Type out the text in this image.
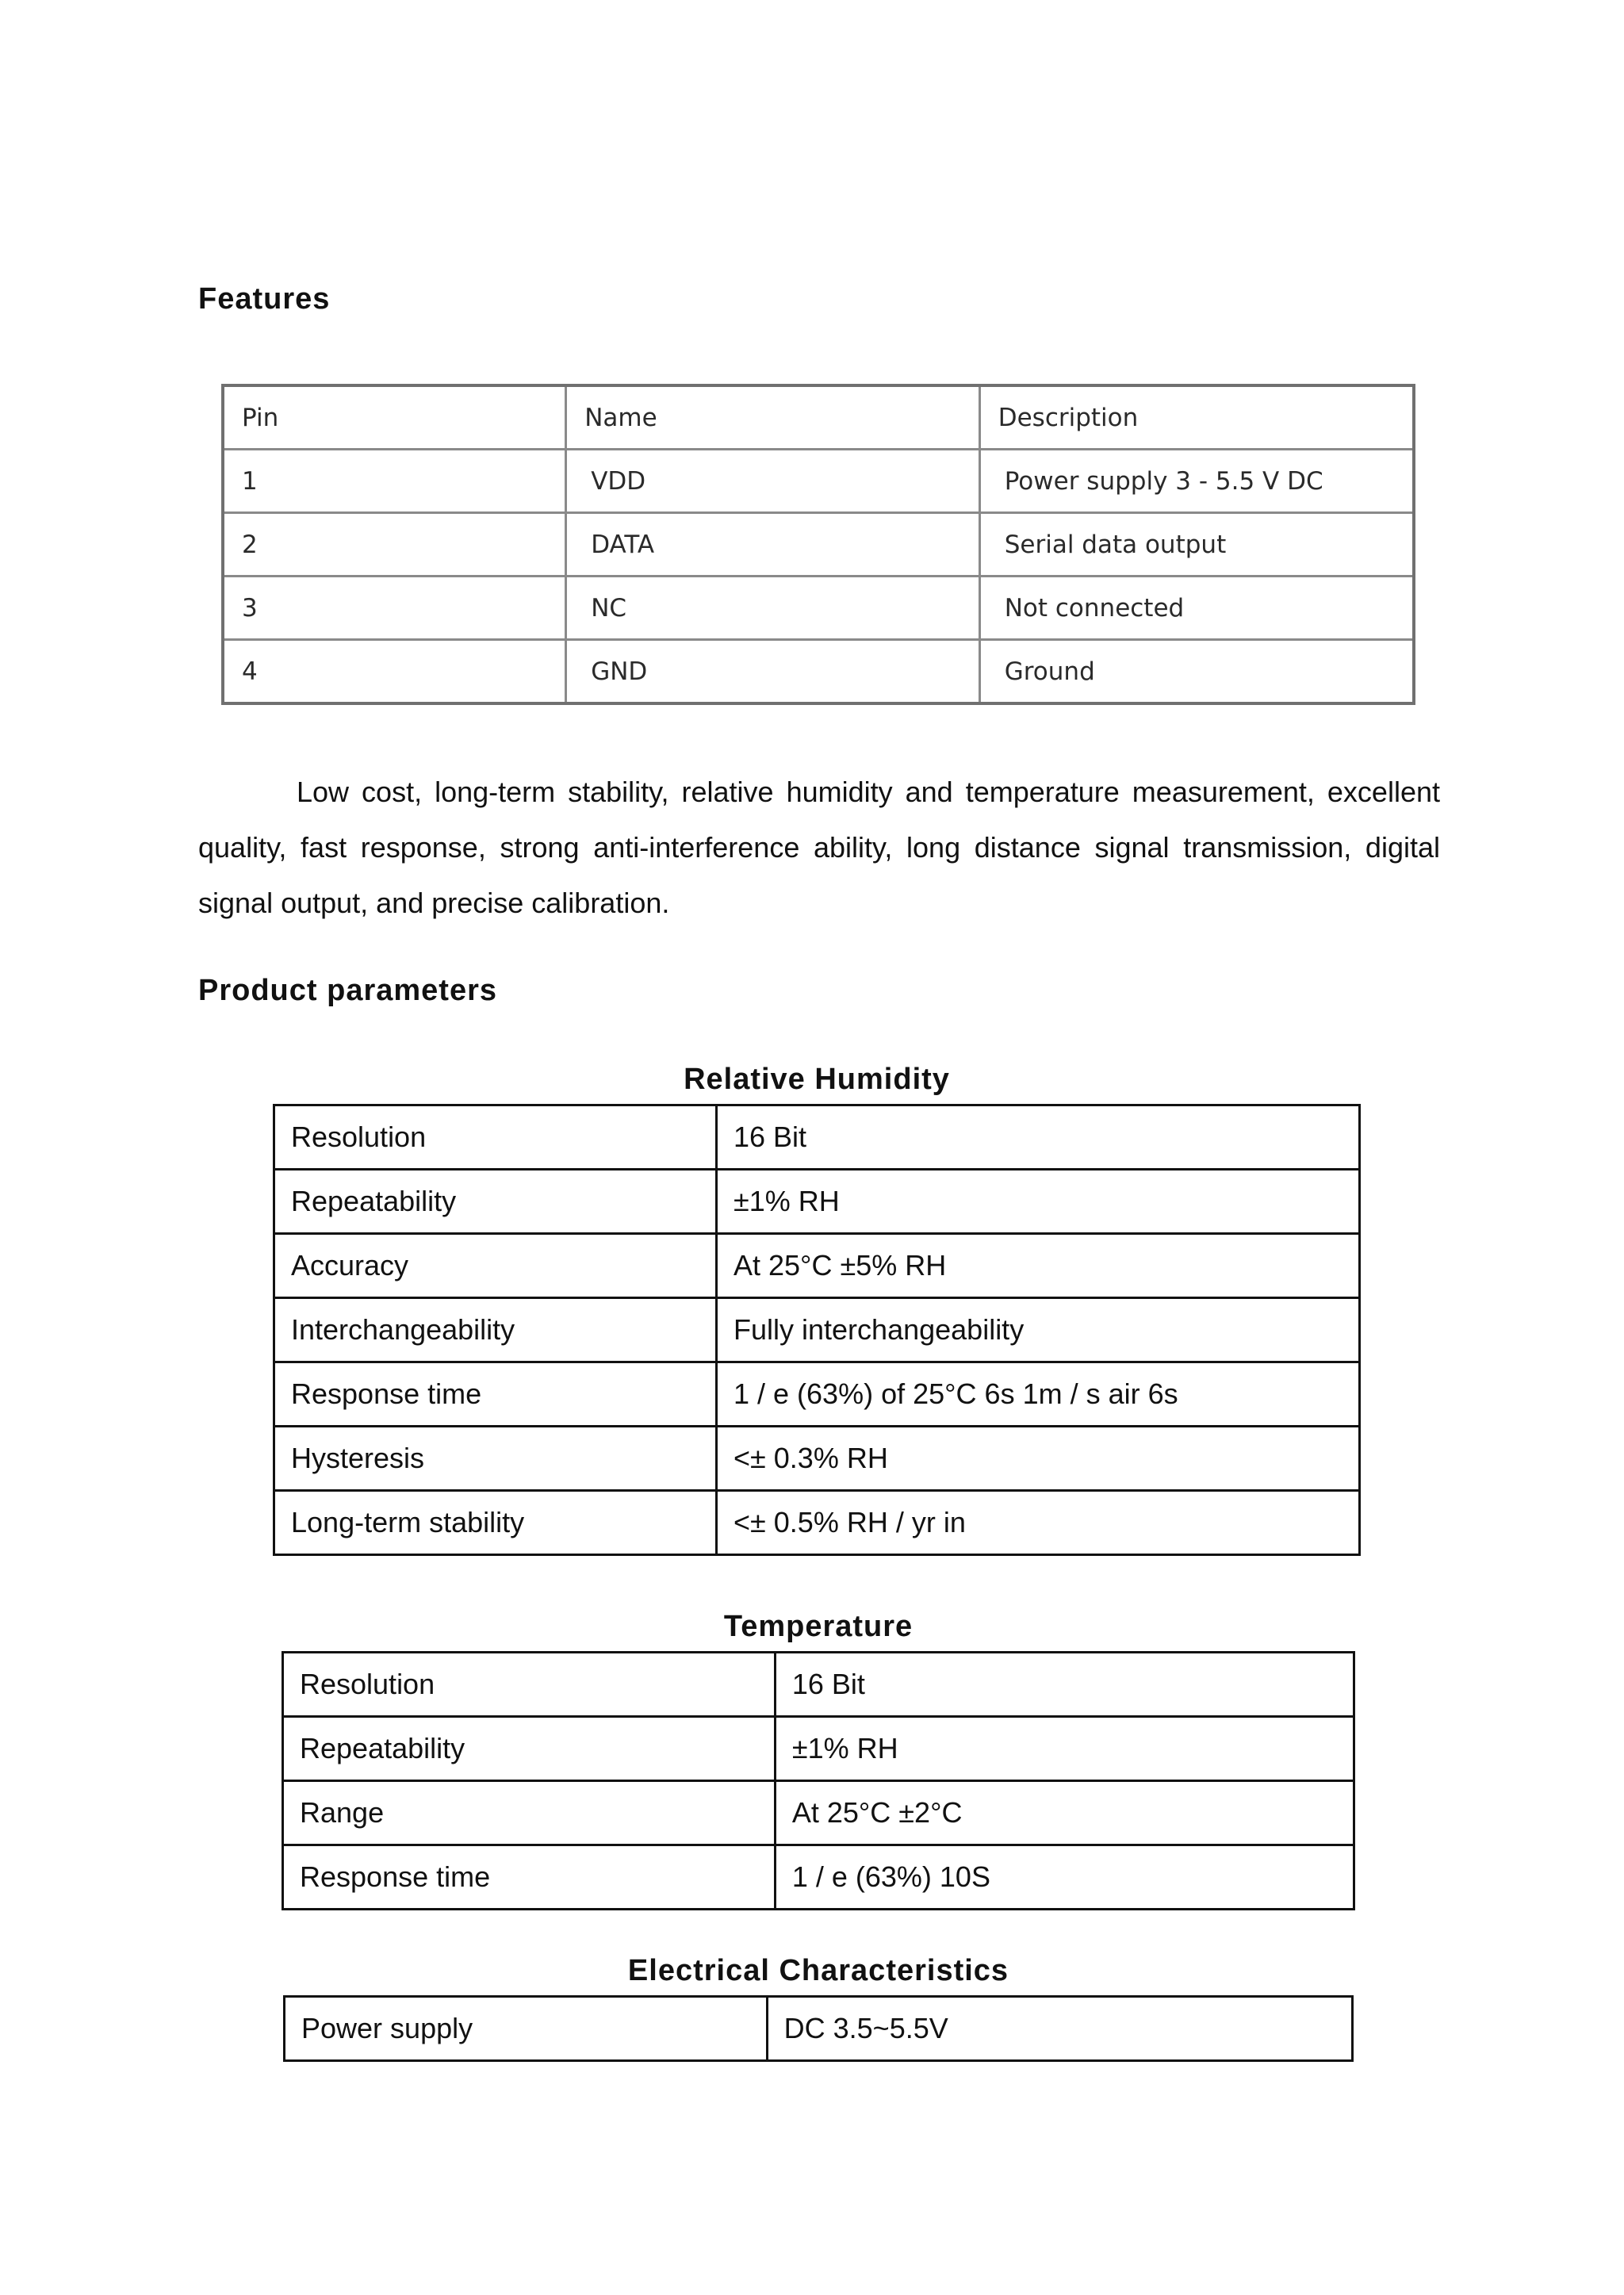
Features
Pin	Name	Description
1	VDD	Power supply 3 - 5.5 V DC
2	DATA	Serial data output
3	NC	Not connected
4	GND	Ground

Low cost, long-term stability, relative humidity and temperature measurement, excellent quality, fast response, strong anti-interference ability, long distance signal transmission, digital signal output, and precise calibration.

Product parameters
Relative Humidity
Resolution	16 Bit
Repeatability	±1% RH
Accuracy	At 25°C ±5% RH
Interchangeability	Fully interchangeability
Response time	1 / e (63%) of 25°C 6s 1m / s air 6s
Hysteresis	<± 0.3% RH
Long-term stability	<± 0.5% RH / yr in
Temperature
Resolution	16 Bit
Repeatability	±1% RH
Range	At 25°C ±2°C
Response time	1 / e (63%) 10S
Electrical Characteristics
Power supply	DC 3.5~5.5V
